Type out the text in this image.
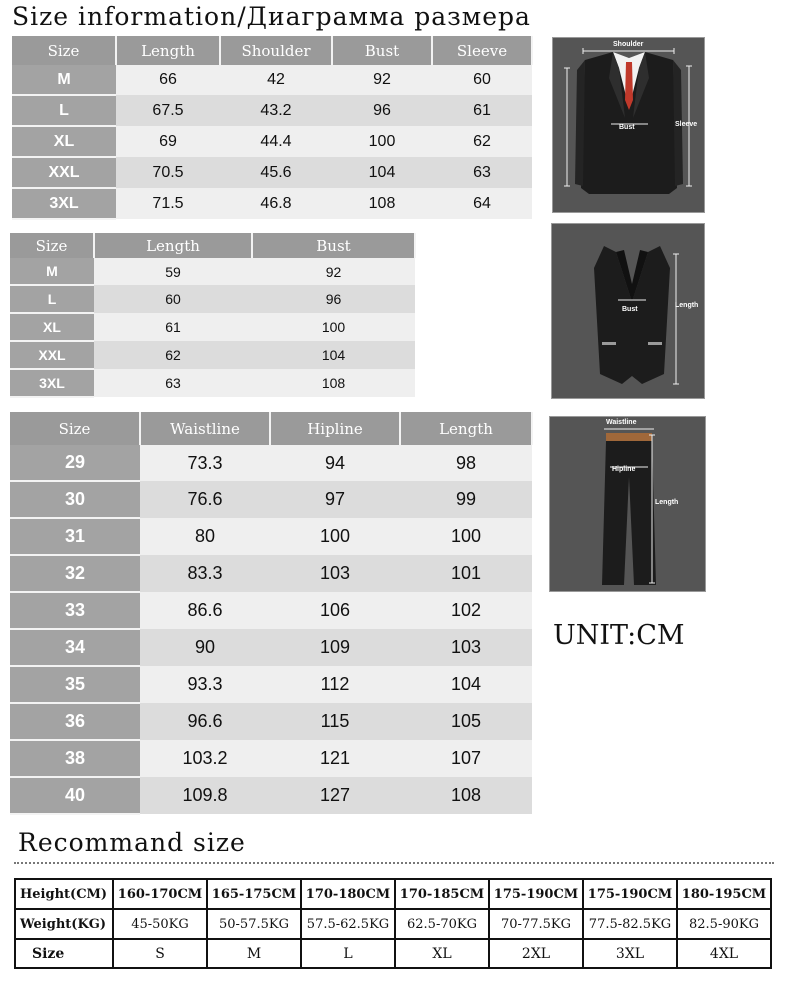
Size information/Диаграмма размера
Size	Length	Shoulder	Bust	Sleeve
M	66	42	92	60
L	67.5	43.2	96	61
XL	69	44.4	100	62
XXL	70.5	45.6	104	63
3XL	71.5	46.8	108	64
Size	Length	Bust
M	59	92
L	60	96
XL	61	100
XXL	62	104
3XL	63	108
Size	Waistline	Hipline	Length
29	73.3	94	98
30	76.6	97	99
31	80	100	100
32	83.3	103	101
33	86.6	106	102
34	90	109	103
35	93.3	112	104
36	96.6	115	105
38	103.2	121	107
40	109.8	127	108
Shoulder
Bust	Sleeve
Bust
Length
Waistline
Hipline
Length
UNIT:CM
Recommand size
Height(CM)	160-170CM	165-175CM	170-180CM	170-185CM	175-190CM	175-190CM	180-195CM
Weight(KG)	45-50KG	50-57.5KG	57.5-62.5KG	62.5-70KG	70-77.5KG	77.5-82.5KG	82.5-90KG
Size	S	M	L	XL	2XL	3XL	4XL
